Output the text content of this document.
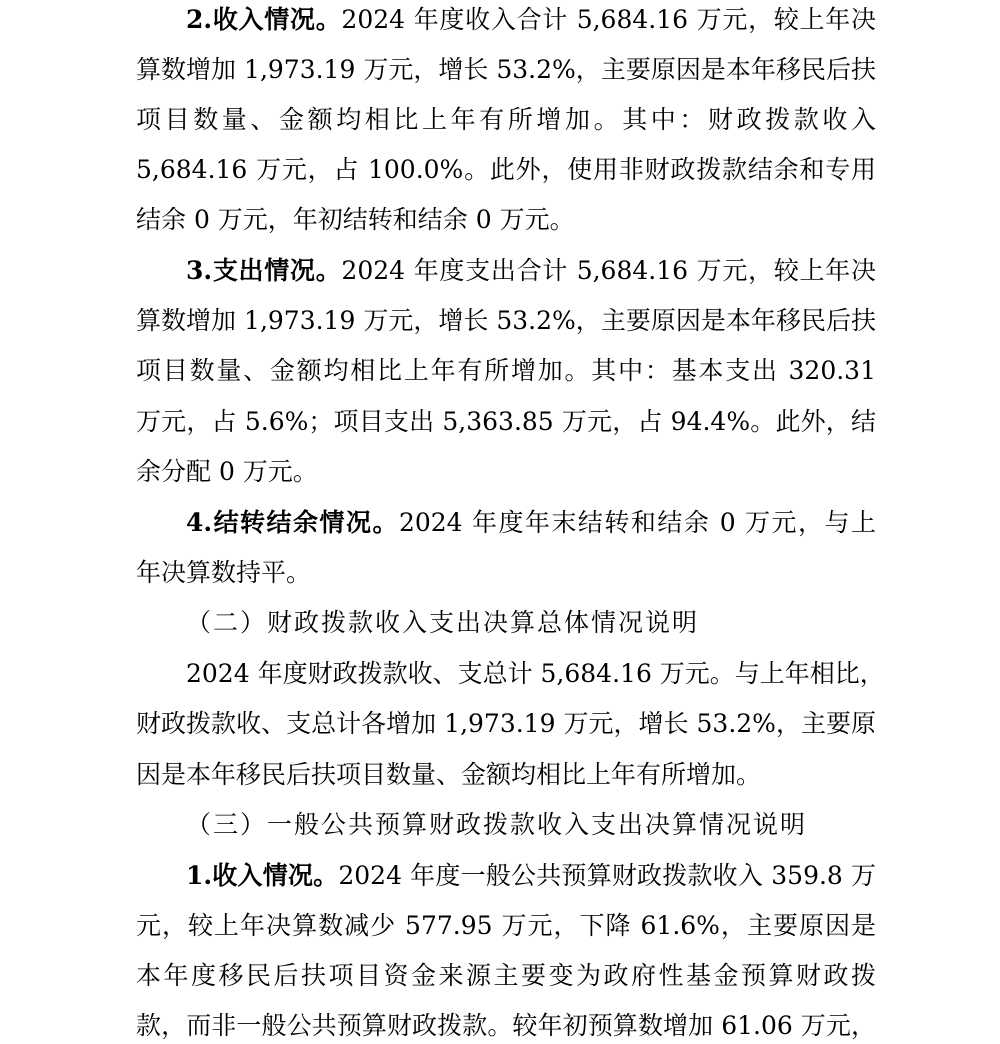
2.收入情况。2024 年度收入合计 5,684.16 万元，较上年决
算数增加 1,973.19 万元，增长 53.2%，主要原因是本年移民后扶
项目数量、金额均相比上年有所增加。其中：财政拨款收入
5,684.16 万元，占 100.0%。此外，使用非财政拨款结余和专用
结余 0 万元，年初结转和结余 0 万元。
3.支出情况。2024 年度支出合计 5,684.16 万元，较上年决
算数增加 1,973.19 万元，增长 53.2%，主要原因是本年移民后扶
项目数量、金额均相比上年有所增加。其中：基本支出 320.31
万元，占 5.6%；项目支出 5,363.85 万元，占 94.4%。此外，结
余分配 0 万元。
4.结转结余情况。2024 年度年末结转和结余 0 万元，与上
年决算数持平。
（二）财政拨款收入支出决算总体情况说明
2024 年度财政拨款收、支总计 5,684.16 万元。与上年相比，
财政拨款收、支总计各增加 1,973.19 万元，增长 53.2%，主要原
因是本年移民后扶项目数量、金额均相比上年有所增加。
（三）一般公共预算财政拨款收入支出决算情况说明
1.收入情况。2024 年度一般公共预算财政拨款收入 359.8 万
元，较上年决算数减少 577.95 万元，下降 61.6%，主要原因是
本年度移民后扶项目资金来源主要变为政府性基金预算财政拨
款，而非一般公共预算财政拨款。较年初预算数增加 61.06 万元，
